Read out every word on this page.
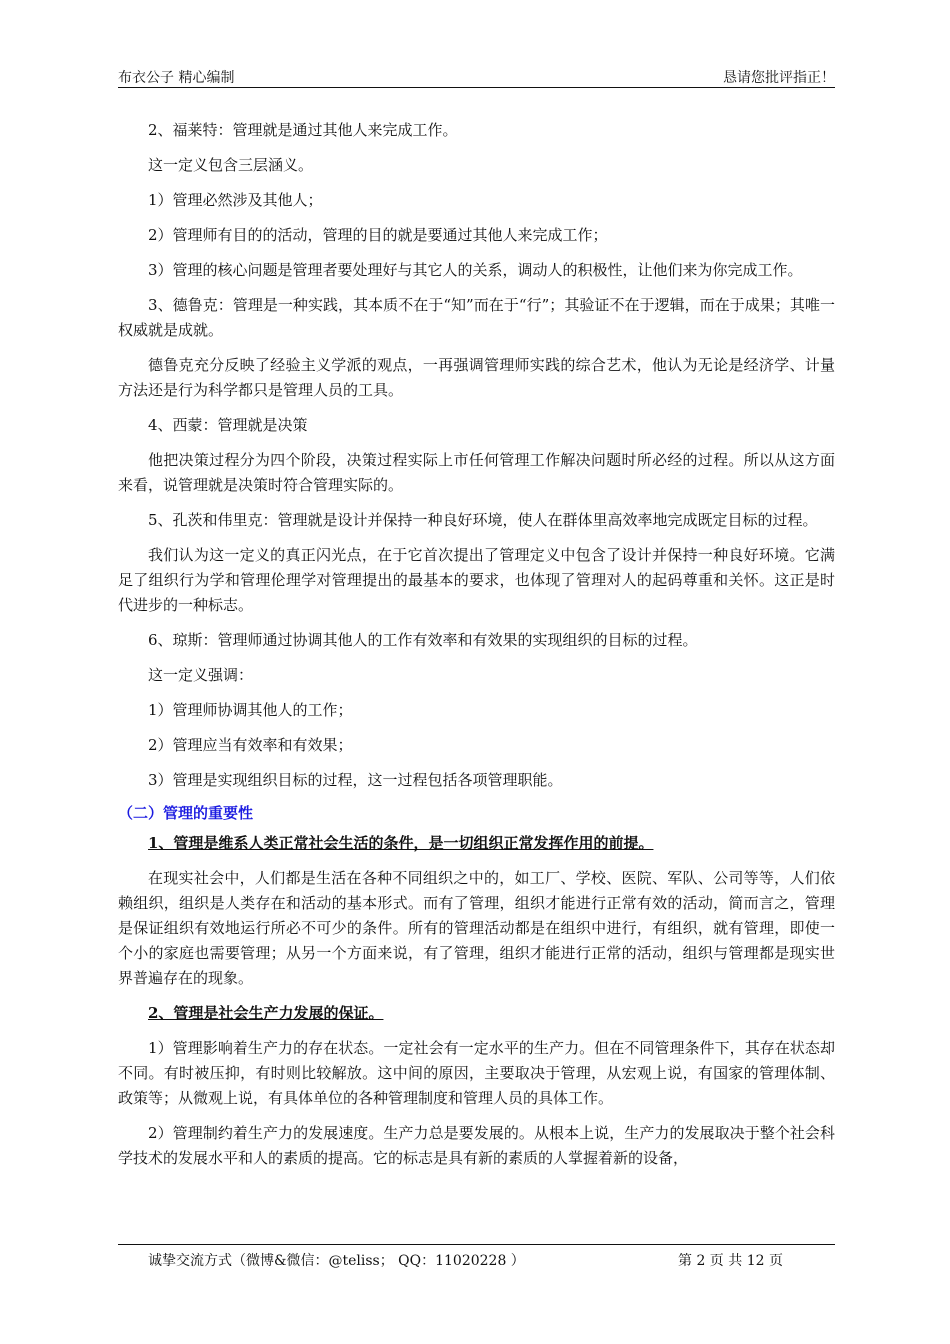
布衣公子 精心编制	恳请您批评指正！

2、福莱特：管理就是通过其他人来完成工作。

这一定义包含三层涵义。

1）管理必然涉及其他人；

2）管理师有目的的活动，管理的目的就是要通过其他人来完成工作；

3）管理的核心问题是管理者要处理好与其它人的关系，调动人的积极性，让他们来为你完成工作。

3、德鲁克：管理是一种实践，其本质不在于“知”而在于“行”；其验证不在于逻辑，而在于成果；其唯一权威就是成就。

德鲁克充分反映了经验主义学派的观点，一再强调管理师实践的综合艺术，他认为无论是经济学、计量方法还是行为科学都只是管理人员的工具。

4、西蒙：管理就是决策

他把决策过程分为四个阶段，决策过程实际上市任何管理工作解决问题时所必经的过程。所以从这方面来看，说管理就是决策时符合管理实际的。

5、孔茨和伟里克：管理就是设计并保持一种良好环境，使人在群体里高效率地完成既定目标的过程。

我们认为这一定义的真正闪光点，在于它首次提出了管理定义中包含了设计并保持一种良好环境。它满足了组织行为学和管理伦理学对管理提出的最基本的要求，也体现了管理对人的起码尊重和关怀。这正是时代进步的一种标志。

6、琼斯：管理师通过协调其他人的工作有效率和有效果的实现组织的目标的过程。

这一定义强调：

1）管理师协调其他人的工作；

2）管理应当有效率和有效果；

3）管理是实现组织目标的过程，这一过程包括各项管理职能。

（二）管理的重要性

1、管理是维系人类正常社会生活的条件，是一切组织正常发挥作用的前提。

在现实社会中，人们都是生活在各种不同组织之中的，如工厂、学校、医院、军队、公司等等，人们依赖组织，组织是人类存在和活动的基本形式。而有了管理，组织才能进行正常有效的活动，简而言之，管理是保证组织有效地运行所必不可少的条件。所有的管理活动都是在组织中进行，有组织，就有管理，即使一个小的家庭也需要管理；从另一个方面来说，有了管理，组织才能进行正常的活动，组织与管理都是现实世界普遍存在的现象。

2、管理是社会生产力发展的保证。

1）管理影响着生产力的存在状态。一定社会有一定水平的生产力。但在不同管理条件下，其存在状态却不同。有时被压抑，有时则比较解放。这中间的原因，主要取决于管理，从宏观上说，有国家的管理体制、政策等；从微观上说，有具体单位的各种管理制度和管理人员的具体工作。

2）管理制约着生产力的发展速度。生产力总是要发展的。从根本上说，生产力的发展取决于整个社会科学技术的发展水平和人的素质的提高。它的标志是具有新的素质的人掌握着新的设备，

诚挚交流方式（微博&微信：@teliss； QQ：11020228 ）	第 2 页 共 12 页
